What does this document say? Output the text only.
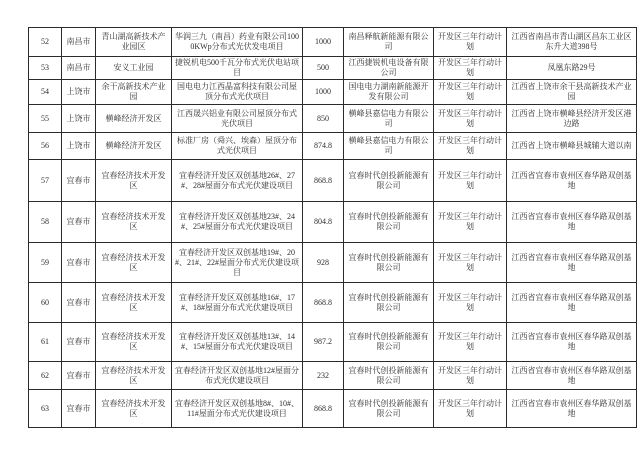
52	南昌市	青山湖高新技术产业园区	华润三九（南昌）药业有限公司1000KWp分布式光伏发电项目	1000	南昌释航新能源有限公司	开发区三年行动计划	江西省南昌市青山湖区昌东工业区东升大道398号
53	南昌市	安义工业园	捷锐机电500千瓦分布式光伏电站项目	500	江西捷锐机电设备有限公司	开发区三年行动计划	凤凰东路29号
54	上饶市	余干高新技术产业园	国电电力江西晶富科技有限公司屋顶分布式光伏项目	1000	国电电力湖南新能源开发有限公司	开发区三年行动计划	江西省上饶市余干县高新技术产业园
55	上饶市	横峰经济开发区	江西晟兴铝业有限公司屋顶分布式光伏项目	850	横峰县嘉信电力有限公司	开发区三年行动计划	江西省上饶市横峰县经济开发区港边路
56	上饶市	横峰经济开发区	标准厂房（舜兴、埃森）屋顶分布式光伏项目	874.8	横峰县嘉信电力有限公司	开发区三年行动计划	江西省上饶市横峰县城辅大道以南
57	宜春市	宜春经济技术开发区	宜春经济开发区双创基地26#、27#、28#屋面分布式光伏建设项目	868.8	宜春时代创投新能源有限公司	开发区三年行动计划	江西省宜春市袁州区春华路双创基地
58	宜春市	宜春经济技术开发区	宜春经济开发区双创基地23#、24#、25#屋面分布式光伏建设项目	804.8	宜春时代创投新能源有限公司	开发区三年行动计划	江西省宜春市袁州区春华路双创基地
59	宜春市	宜春经济技术开发区	宜春经济开发区双创基地19#、20#、21#、22#屋面分布式光伏建设项目	928	宜春时代创投新能源有限公司	开发区三年行动计划	江西省宜春市袁州区春华路双创基地
60	宜春市	宜春经济技术开发区	宜春经济开发区双创基地16#、17#、18#屋面分布式光伏建设项目	868.8	宜春时代创投新能源有限公司	开发区三年行动计划	江西省宜春市袁州区春华路双创基地
61	宜春市	宜春经济技术开发区	宜春经济开发区双创基地13#、14#、15#屋面分布式光伏建设项目	987.2	宜春时代创投新能源有限公司	开发区三年行动计划	江西省宜春市袁州区春华路双创基地
62	宜春市	宜春经济技术开发区	宜春经济开发区双创基地12#屋面分布式光伏建设项目	232	宜春时代创投新能源有限公司	开发区三年行动计划	江西省宜春市袁州区春华路双创基地
63	宜春市	宜春经济技术开发区	宜春经济开发区双创基地8#、10#、11#屋面分布式光伏建设项目	868.8	宜春时代创投新能源有限公司	开发区三年行动计划	江西省宜春市袁州区春华路双创基地
